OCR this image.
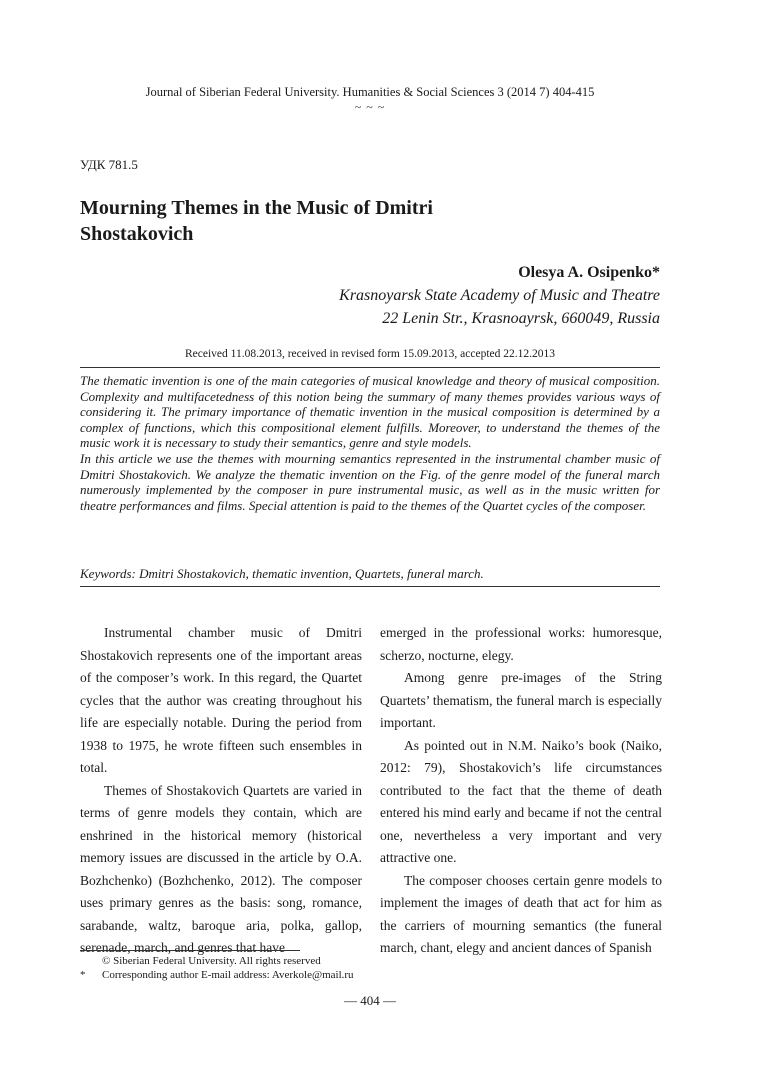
Journal of Siberian Federal University. Humanities & Social Sciences 3 (2014 7) 404-415
~ ~ ~
УДК 781.5
Mourning Themes in the Music of Dmitri Shostakovich
Olesya A. Osipenko*
Krasnoyarsk State Academy of Music and Theatre
22 Lenin Str., Krasnoayrsk, 660049, Russia
Received 11.08.2013, received in revised form 15.09.2013, accepted 22.12.2013

The thematic invention is one of the main categories of musical knowledge and theory of musical composition. Complexity and multifacetedness of this notion being the summary of many themes provides various ways of considering it. The primary importance of thematic invention in the musical composition is determined by a complex of functions, which this compositional element fulfills. Moreover, to understand the themes of the music work it is necessary to study their semantics, genre and style models.

In this article we use the themes with mourning semantics represented in the instrumental chamber music of Dmitri Shostakovich. We analyze the thematic invention on the Fig. of the genre model of the funeral march numerously implemented by the composer in pure instrumental music, as well as in the music written for theatre performances and films. Special attention is paid to the themes of the Quartet cycles of the composer.

Keywords: Dmitri Shostakovich, thematic invention, Quartets, funeral march.

Instrumental chamber music of Dmitri Shostakovich represents one of the important areas of the composer’s work. In this regard, the Quartet cycles that the author was creating throughout his life are especially notable. During the period from 1938 to 1975, he wrote fifteen such ensembles in total.

Themes of Shostakovich Quartets are varied in terms of genre models they contain, which are enshrined in the historical memory (historical memory issues are discussed in the article by O.A. Bozhchenko) (Bozhchenko, 2012). The composer uses primary genres as the basis: song, romance, sarabande, waltz, baroque aria, polka, gallop, serenade, march, and genres that have

emerged in the professional works: humoresque, scherzo, nocturne, elegy.

Among genre pre-images of the String Quartets’ thematism, the funeral march is especially important.

As pointed out in N.M. Naiko’s book (Naiko, 2012: 79), Shostakovich’s life circumstances contributed to the fact that the theme of death entered his mind early and became if not the central one, nevertheless a very important and very attractive one.

The composer chooses certain genre models to implement the images of death that act for him as the carriers of mourning semantics (the funeral march, chant, elegy and ancient dances of Spanish

© Siberian Federal University. All rights reserved
* Corresponding author E-mail address: Averkole@mail.ru
— 404 —
